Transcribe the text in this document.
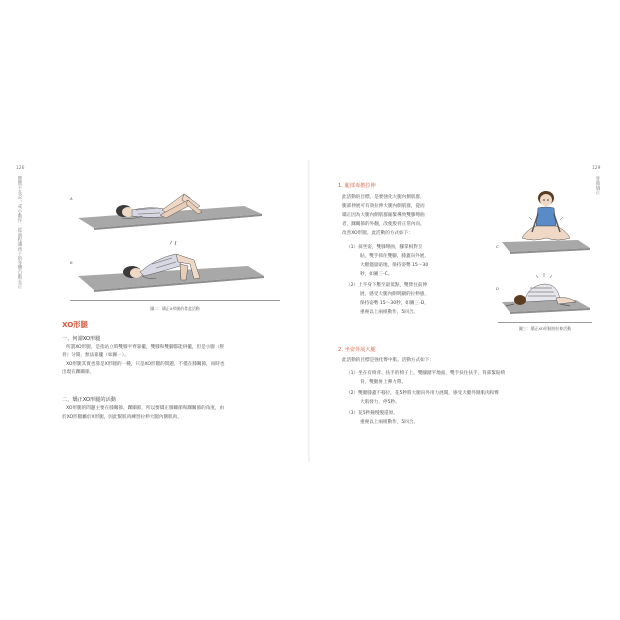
126
寶寶不長歪！戒小動作：從過程讓孩子的身體自動長正	A
B
圖二：矯正X形腿的骨盆活動
XO形腿
一、何謂XO形腿
所謂XO形腿，是指站立時雙膝平齊靠攏，雙膝和雙腳都能併攏，但是小腿（脛
骨）分開，無法靠攏（如圖一）。
XO形腿其實也算是X形腿的一種，只是XO形腿的問題，不僅在膝關節，同時也
出現在踝關節。
二、矯正XO形腿的活動
XO形腿的問題主要在膝關節、踝關節，所以要矯正膝關節和踝關節的角度，由
於XO形腿屬於X形腿，因此幫肌肉練習拉伸大腿內側肌肉。
129
骨骼矯正
1. 腿部毒擔拉伸
此活動的目標，是要強化大腿內側肌群，
腿部伸展可有效拉伸大腿內側肌群，從而
矯正因為大腿內側肌群縮緊導致雙膝彎曲
者，踝關節的外翻，改使股骨正常內向，
改善XO形腿。此活動的方式如下：
（1）採坐姿，雙膝彎曲，腳掌相對互
貼，雙手抓住雙腳，膝蓋向外展，
大腿儘量貼地，保持姿勢 15～30
秒，如圖三-C。
（2）上半身下壓至最低點，雙臂往前伸
展，感受大腿內側明顯的拉伸感，
保持姿勢 15～30秒，如圖三-D，
重複以上兩組動作，5回合。
C
D
圖三：矯正XO形腿的拉伸活動
2. 坐姿外展大腿
此活動的目標是強化臀中肌。活動方式如下：
（1）坐在有椅背、扶手的椅子上，雙腳踏平地面，雙手扶住扶手，背部緊貼椅
背，雙腿併上彈力帶。
（2）雙腿膝蓋不移位，花5秒將大腿向外用力展開，感受大腿外側肌肉和臀
大肌發力，停5秒。
（3）花5秒鐘慢慢還原。
重複以上兩組動作，5回合。
